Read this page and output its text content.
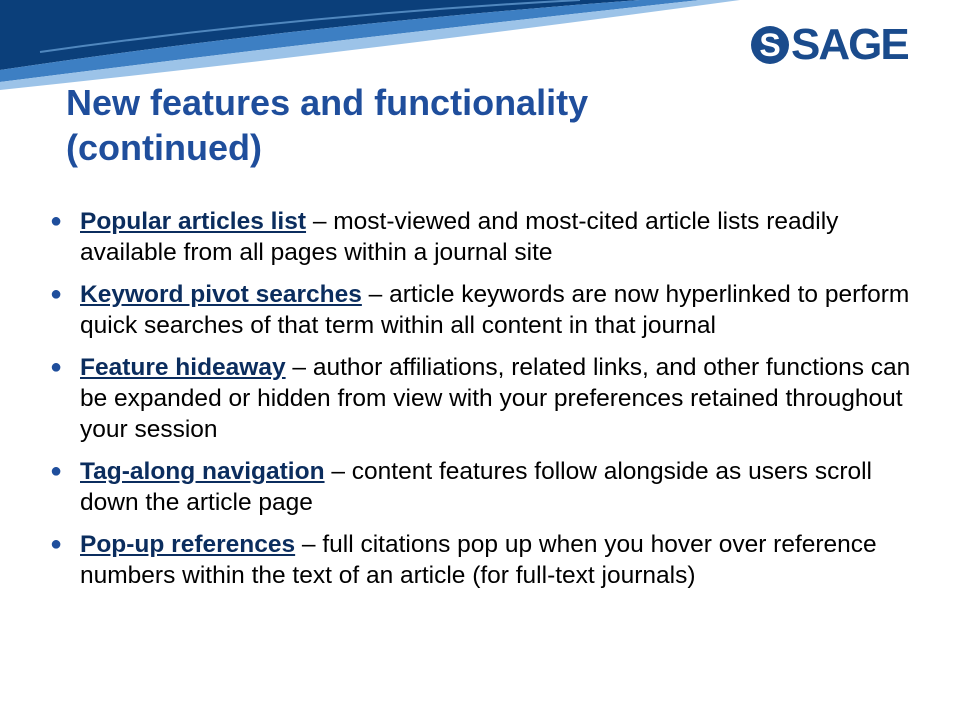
S SAGE
New features and functionality (continued)
● Popular articles list – most-viewed and most-cited article lists readily available from all pages within a journal site
● Keyword pivot searches – article keywords are now hyperlinked to perform quick searches of that term within all content in that journal
● Feature hideaway – author affiliations, related links, and other functions can be expanded or hidden from view with your preferences retained throughout your session
● Tag-along navigation – content features follow alongside as users scroll down the article page
● Pop-up references – full citations pop up when you hover over reference numbers within the text of an article (for full-text journals)
